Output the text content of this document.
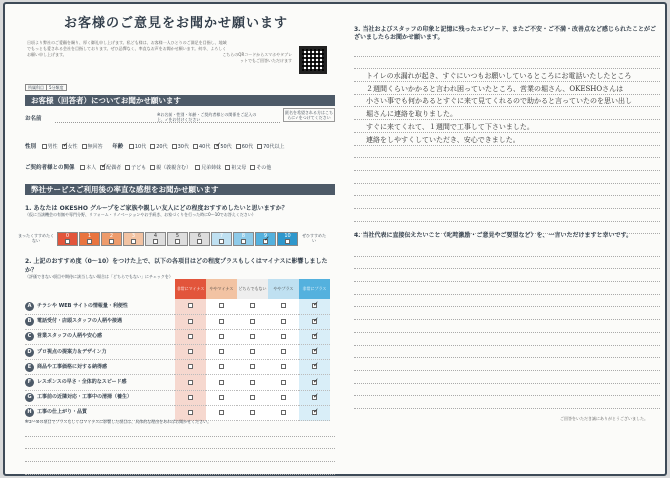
お客様のご意見をお聞かせ願います
日頃より弊社のご愛顧を賜り、厚く御礼申し上げます。私ども様は、お客様一人ひとりのご満足を目指し、地域でもっとも愛される会社を目指しております。ぜひ忌憚なく、率直なお声をお聞かせ願います。何卒、よろしくお願い申し上げます。	こちらのQRコードからスマホやタブレットでもご回答いただけます
所属科目 5分類度
お客様（回答者）についてお聞かせ願います
お名前
※お名前・性別・年齢・ご契約者様との関係をご記入の上、✓をお付けください
匿名を希望される方はこちらに✓をつけてください
性別 男性 ✓ 女性 無回答 年齢 10代 20代 30代 40代 ✓ 50代 60代 70代以上
ご契約者様との関係 本人 ✓ 配偶者 子ども 親（義親含む） 兄弟姉妹 祖父母 その他
弊社サービスご利用後の率直な感想をお聞かせ願います
1. あなたは OKESHO グループをご家族や親しい友人にどの程度おすすめしたいと思いますか？
（仮に当該機会の有無や専門分野、リフォーム・リノベーションやお手続き、お家づくりを行った時に0〜10でお答えください）
まったくすすめたくない
0	1	2	3	4	5	6	7	8 ✓	10	ぜひすすめたい
2. 上記のおすすめ度（0〜10）をつけた上で、以下の各項目はどの程度プラスもしくはマイナスに影響しましたか？
（評価できない項目や期待に該当しない場合は「どちらでもない」にチェックを）
	非常にマイナス	ややマイナス	どちらでもない	ややプラス	非常にプラス
A チラシや WEB サイトの情報量・利便性					✓
B 電話受付・店頭スタッフの人柄や接遇					✓
C 営業スタッフの人柄や安心感					✓
D プロ視点の提案力＆デザイン力					✓
E 商品や工事価格に対する納得感					✓
F レスポンスの早さ・全体的なスピード感					✓
G 工事前の近隣対応・工事中の清掃（養生）					✓
H 工事の仕上がり・品質					✓
※①〜⑩の項目でプラスもしくはマイナスに影響した項目は、具体的な理由をあればお聞かせください。
3. 当社およびスタッフの印象と記憶に残ったエピソード、またご不安・ご不満・改善点など感じられたことがございましたらお聞かせ願います。
トイレの水漏れが起き、すぐにいつもお願いしているところにお電話いたしたところ
２週間くらいかかると言われ困っていたところ、営業の堀さん、OKESHOさんは
小さい事でも何かあるとすぐに来て見てくれるので助かると言っていたのを思い出し
堀さんに連絡を取りました。
すぐに来てくれて、１週間で工事して下さいました。
連絡をしやすくしていただき、安心できました。
4. 当社代表に直接伝えたいこと（叱咤激励・ご意見やご要望など）を、一言いただけますと幸いです。
ご回答をいただき誠にありがとうございました。
